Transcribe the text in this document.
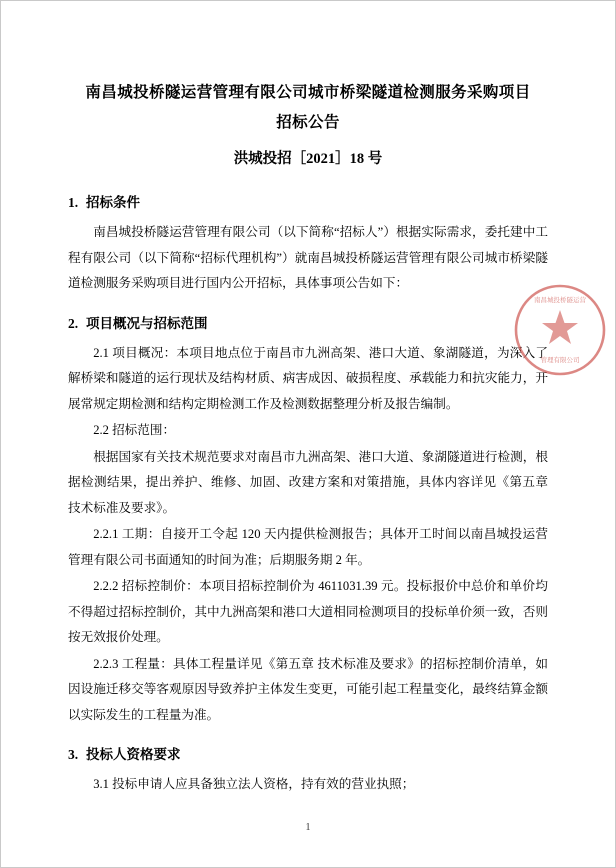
南昌城投桥隧运营管理有限公司城市桥梁隧道检测服务采购项目
招标公告
洪城投招［2021］18 号
1. 招标条件

南昌城投桥隧运营管理有限公司（以下简称“招标人”）根据实际需求，委托建中工程有限公司（以下简称“招标代理机构”）就南昌城投桥隧运营管理有限公司城市桥梁隧道检测服务采购项目进行国内公开招标，具体事项公告如下：

2. 项目概况与招标范围

2.1 项目概况：本项目地点位于南昌市九洲高架、港口大道、象湖隧道，为深入了解桥梁和隧道的运行现状及结构材质、病害成因、破损程度、承载能力和抗灾能力，开展常规定期检测和结构定期检测工作及检测数据整理分析及报告编制。

2.2 招标范围：

根据国家有关技术规范要求对南昌市九洲高架、港口大道、象湖隧道进行检测，根据检测结果，提出养护、维修、加固、改建方案和对策措施，具体内容详见《第五章 技术标准及要求》。

2.2.1 工期：自接开工令起 120 天内提供检测报告；具体开工时间以南昌城投运营管理有限公司书面通知的时间为准；后期服务期 2 年。

2.2.2 招标控制价：本项目招标控制价为 4611031.39 元。投标报价中总价和单价均不得超过招标控制价，其中九洲高架和港口大道相同检测项目的投标单价须一致，否则按无效报价处理。

2.2.3 工程量：具体工程量详见《第五章 技术标准及要求》的招标控制价清单，如因设施迁移交等客观原因导致养护主体发生变更，可能引起工程量变化，最终结算金额以实际发生的工程量为准。

3. 投标人资格要求

3.1 投标申请人应具备独立法人资格，持有效的营业执照；

南昌城投桥隧运营
管理有限公司
1
